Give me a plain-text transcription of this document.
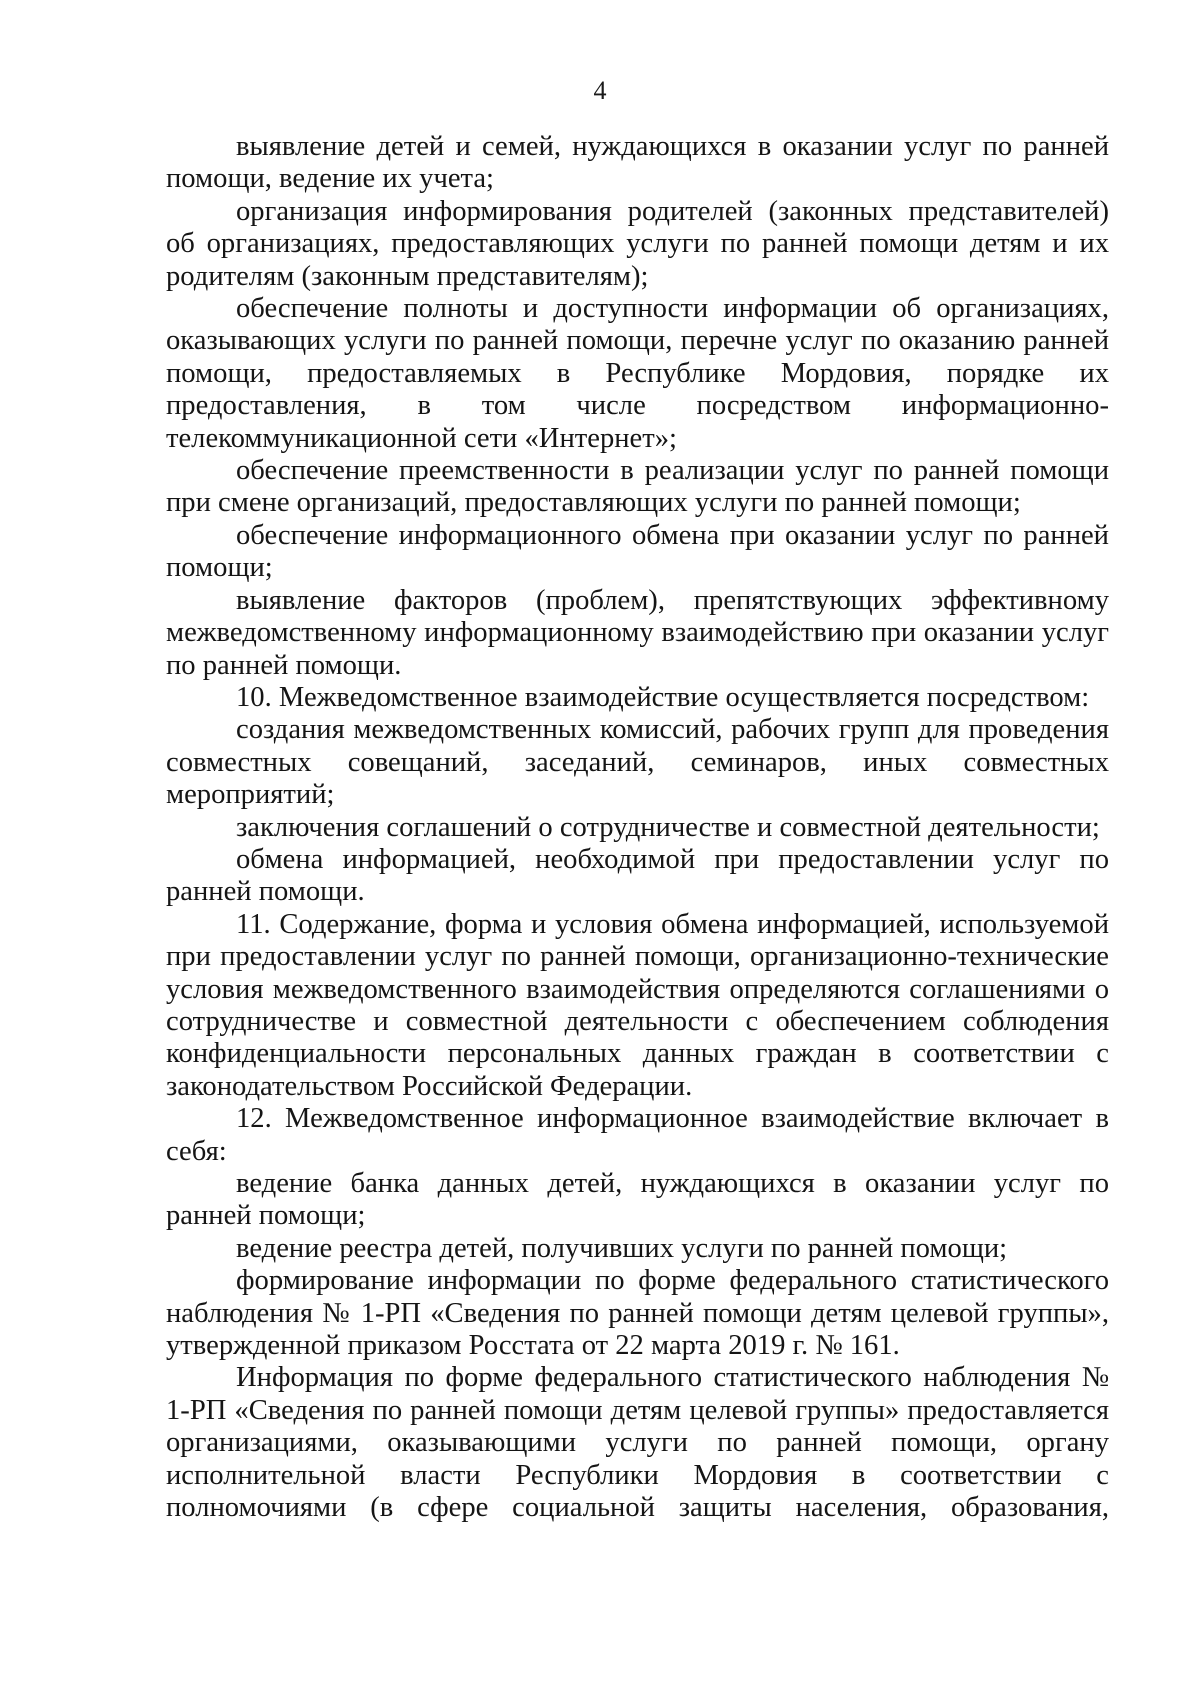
4

выявление детей и семей, нуждающихся в оказании услуг по ранней помощи, ведение их учета;

организация информирования родителей (законных представителей) об организациях, предоставляющих услуги по ранней помощи детям и их родителям (законным представителям);

обеспечение полноты и доступности информации об организациях, оказывающих услуги по ранней помощи, перечне услуг по оказанию ранней помощи, предоставляемых в Республике Мордовия, порядке их предоставления, в том числе посредством информационно-телекоммуникационной сети «Интернет»;

обеспечение преемственности в реализации услуг по ранней помощи при смене организаций, предоставляющих услуги по ранней помощи;

обеспечение информационного обмена при оказании услуг по ранней помощи;

выявление факторов (проблем), препятствующих эффективному межведомственному информационному взаимодействию при оказании услуг по ранней помощи.

10. Межведомственное взаимодействие осуществляется посредством:

создания межведомственных комиссий, рабочих групп для проведения совместных совещаний, заседаний, семинаров, иных совместных мероприятий;

заключения соглашений о сотрудничестве и совместной деятельности;

обмена информацией, необходимой при предоставлении услуг по ранней помощи.

11. Содержание, форма и условия обмена информацией, используемой при предоставлении услуг по ранней помощи, организационно-технические условия межведомственного взаимодействия определяются соглашениями о сотрудничестве и совместной деятельности с обеспечением соблюдения конфиденциальности персональных данных граждан в соответствии с законодательством Российской Федерации.

12. Межведомственное информационное взаимодействие включает в себя:

ведение банка данных детей, нуждающихся в оказании услуг по ранней помощи;

ведение реестра детей, получивших услуги по ранней помощи;

формирование информации по форме федерального статистического наблюдения № 1-РП «Сведения по ранней помощи детям целевой группы», утвержденной приказом Росстата от 22 марта 2019 г. № 161.

Информация по форме федерального статистического наблюдения № 1-РП «Сведения по ранней помощи детям целевой группы» предоставляется организациями, оказывающими услуги по ранней помощи, органу исполнительной власти Республики Мордовия в соответствии с полномочиями (в сфере социальной защиты населения, образования,
